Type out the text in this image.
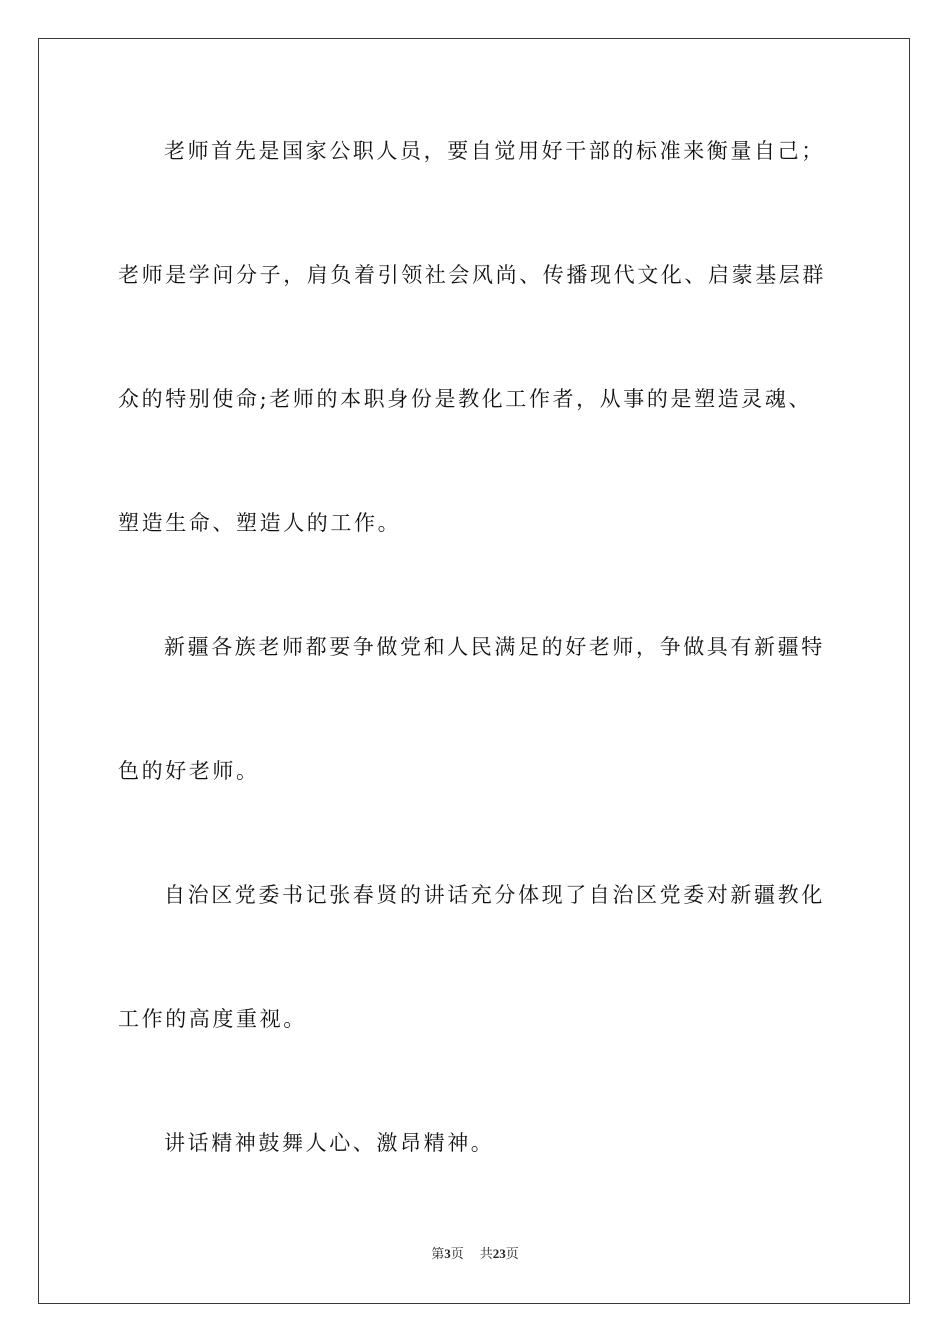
老师首先是国家公职人员，要自觉用好干部的标准来衡量自己；
老师是学问分子，肩负着引领社会风尚、传播现代文化、启蒙基层群
众的特别使命;老师的本职身份是教化工作者，从事的是塑造灵魂、
塑造生命、塑造人的工作。
新疆各族老师都要争做党和人民满足的好老师，争做具有新疆特
色的好老师。
自治区党委书记张春贤的讲话充分体现了自治区党委对新疆教化
工作的高度重视。
讲话精神鼓舞人心、激昂精神。
第3页 共23页
